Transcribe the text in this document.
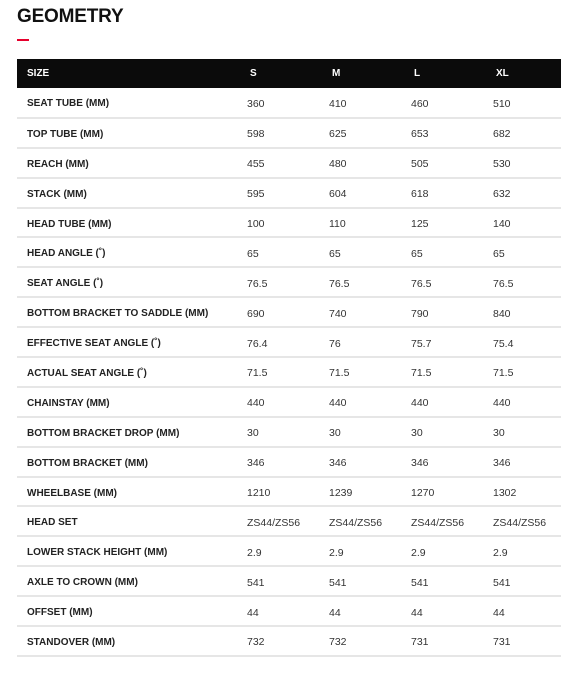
GEOMETRY
SIZE	S	M	L	XL
SEAT TUBE (MM)	360	410	460	510
TOP TUBE (MM)	598	625	653	682
REACH (MM)	455	480	505	530
STACK (MM)	595	604	618	632
HEAD TUBE (MM)	100	110	125	140
HEAD ANGLE (˚)	65	65	65	65
SEAT ANGLE (˚)	76.5	76.5	76.5	76.5
BOTTOM BRACKET TO SADDLE (MM)	690	740	790	840
EFFECTIVE SEAT ANGLE (˚)	76.4	76	75.7	75.4
ACTUAL SEAT ANGLE (˚)	71.5	71.5	71.5	71.5
CHAINSTAY (MM)	440	440	440	440
BOTTOM BRACKET DROP (MM)	30	30	30	30
BOTTOM BRACKET (MM)	346	346	346	346
WHEELBASE (MM)	1210	1239	1270	1302
HEAD SET	ZS44/ZS56	ZS44/ZS56	ZS44/ZS56	ZS44/ZS56
LOWER STACK HEIGHT (MM)	2.9	2.9	2.9	2.9
AXLE TO CROWN (MM)	541	541	541	541
OFFSET (MM)	44	44	44	44
STANDOVER (MM)	732	732	731	731
